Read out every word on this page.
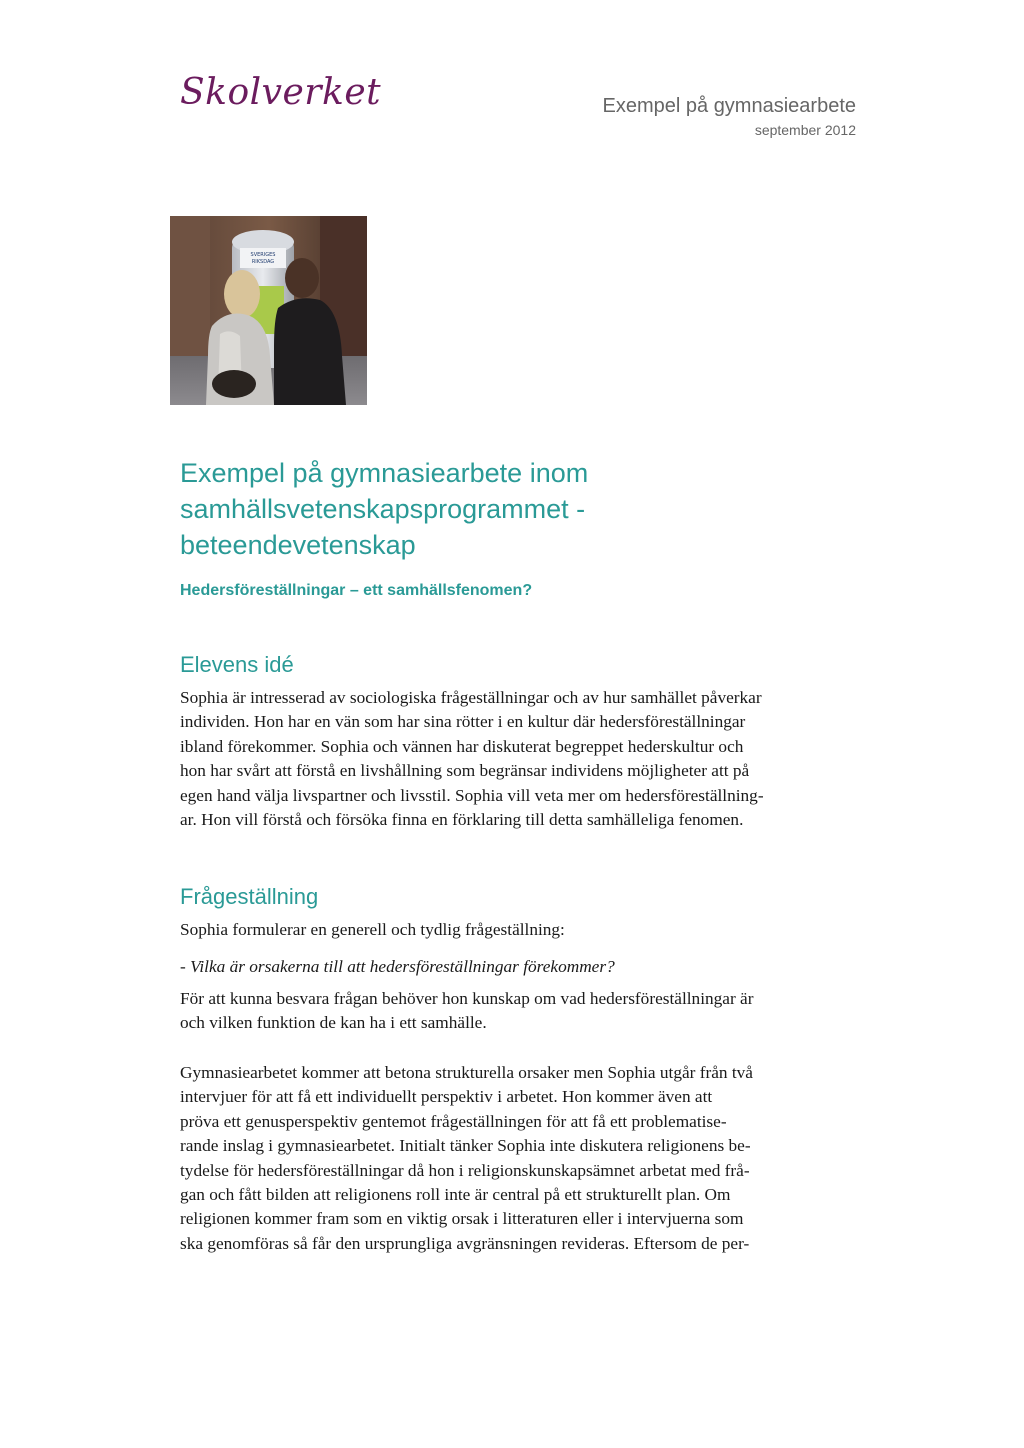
Skolverket	Exempel på gymnasiearbete
september 2012
SVERIGES
RIKSDAG
Exempel på gymnasiearbete inom
samhällsvetenskapsprogrammet -
beteendevetenskap
Hedersföreställningar – ett samhällsfenomen?
Elevens idé

Sophia är intresserad av sociologiska frågeställningar och av hur samhället påverkar
individen. Hon har en vän som har sina rötter i en kultur där hedersföreställningar
ibland förekommer. Sophia och vännen har diskuterat begreppet hederskultur och
hon har svårt att förstå en livshållning som begränsar individens möjligheter att på
egen hand välja livspartner och livsstil. Sophia vill veta mer om hedersföreställning-
ar. Hon vill förstå och försöka finna en förklaring till detta samhälleliga fenomen.

Frågeställning

Sophia formulerar en generell och tydlig frågeställning:

- Vilka är orsakerna till att hedersföreställningar förekommer?

För att kunna besvara frågan behöver hon kunskap om vad hedersföreställningar är
och vilken funktion de kan ha i ett samhälle.

Gymnasiearbetet kommer att betona strukturella orsaker men Sophia utgår från två
intervjuer för att få ett individuellt perspektiv i arbetet. Hon kommer även att
pröva ett genusperspektiv gentemot frågeställningen för att få ett problematise-
rande inslag i gymnasiearbetet. Initialt tänker Sophia inte diskutera religionens be-
tydelse för hedersföreställningar då hon i religionskunskapsämnet arbetat med frå-
gan och fått bilden att religionens roll inte är central på ett strukturellt plan. Om
religionen kommer fram som en viktig orsak i litteraturen eller i intervjuerna som
ska genomföras så får den ursprungliga avgränsningen revideras. Eftersom de per-
